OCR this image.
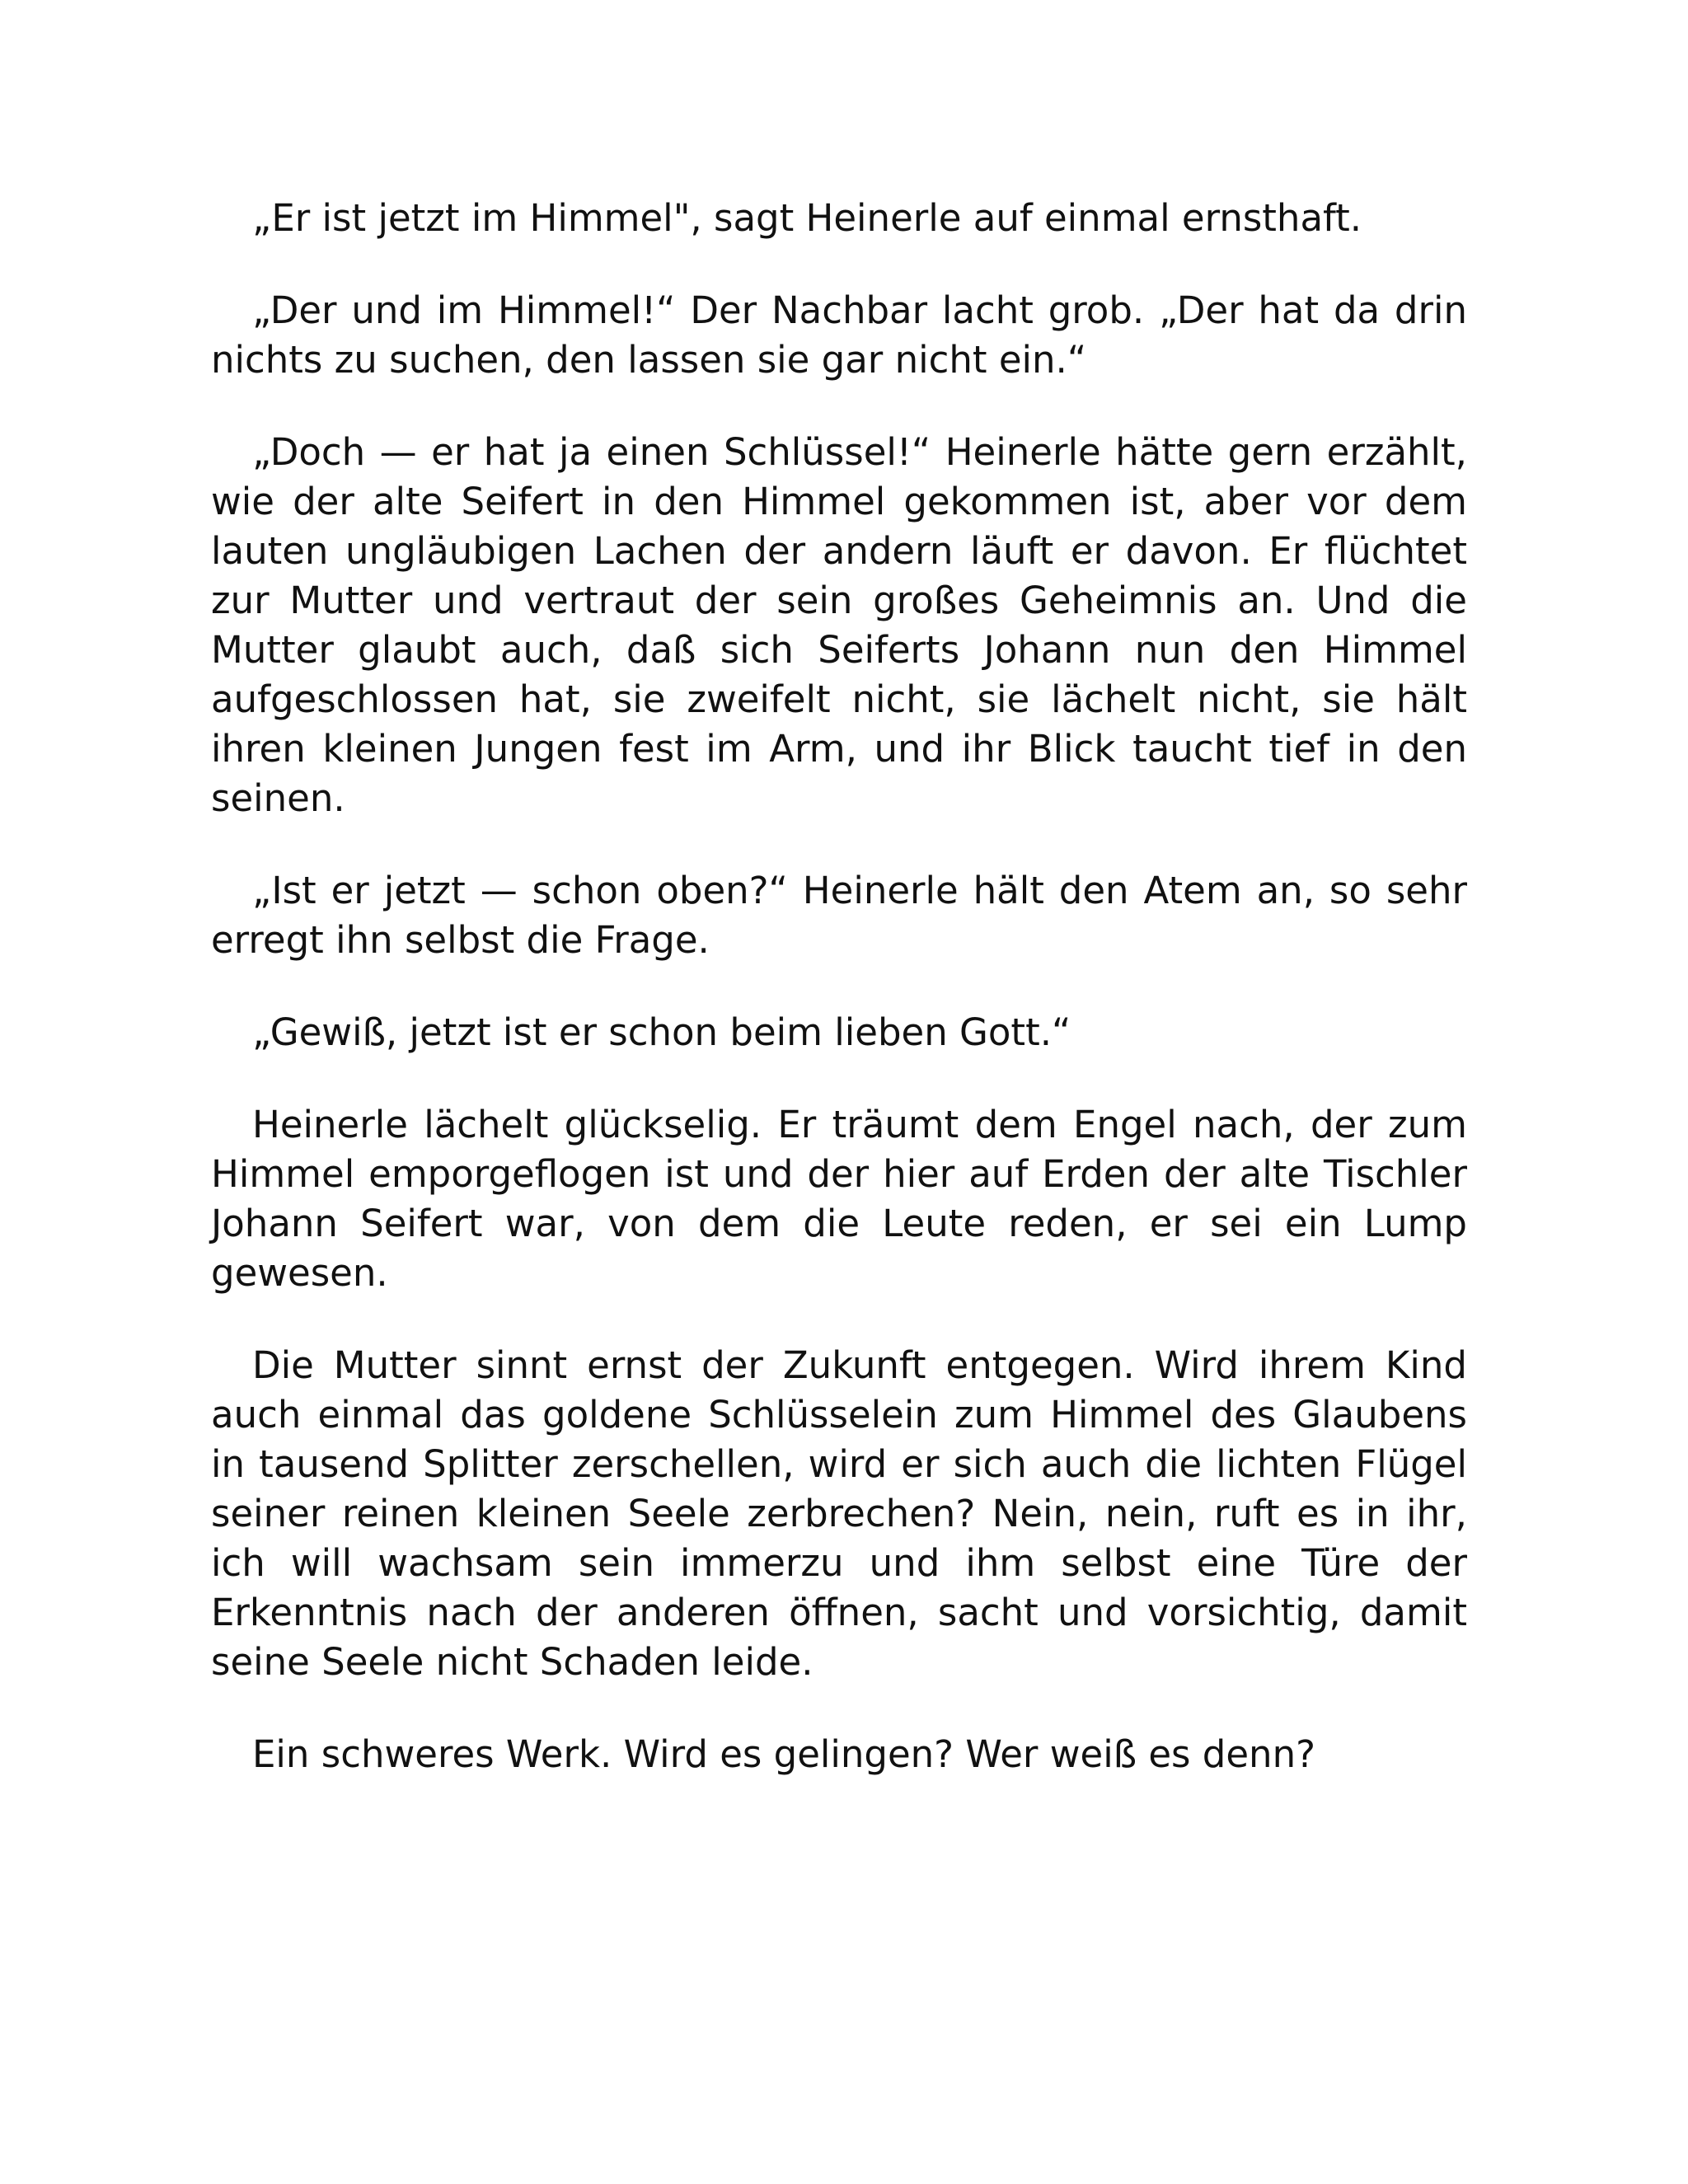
„Er ist jetzt im Himmel", sagt Heinerle auf einmal ernsthaft.

„Der und im Himmel!“ Der Nachbar lacht grob. „Der hat da drin nichts zu suchen, den lassen sie gar nicht ein.“

„Doch — er hat ja einen Schlüssel!“ Heinerle hätte gern erzählt, wie der alte Seifert in den Himmel gekommen ist, aber vor dem lauten ungläubigen Lachen der andern läuft er davon. Er flüchtet zur Mutter und vertraut der sein großes Geheimnis an. Und die Mutter glaubt auch, daß sich Seiferts Johann nun den Himmel aufgeschlossen hat, sie zweifelt nicht, sie lächelt nicht, sie hält ihren kleinen Jungen fest im Arm, und ihr Blick taucht tief in den seinen.

„Ist er jetzt — schon oben?“ Heinerle hält den Atem an, so sehr erregt ihn selbst die Frage.

„Gewiß, jetzt ist er schon beim lieben Gott.“

Heinerle lächelt glückselig. Er träumt dem Engel nach, der zum Himmel emporgeflogen ist und der hier auf Erden der alte Tischler Johann Seifert war, von dem die Leute reden, er sei ein Lump gewesen.

Die Mutter sinnt ernst der Zukunft entgegen. Wird ihrem Kind auch einmal das goldene Schlüsselein zum Himmel des Glaubens in tausend Splitter zerschellen, wird er sich auch die lichten Flügel seiner reinen kleinen Seele zerbrechen? Nein, nein, ruft es in ihr, ich will wachsam sein immerzu und ihm selbst eine Türe der Erkenntnis nach der anderen öffnen, sacht und vorsichtig, damit seine Seele nicht Schaden leide.

Ein schweres Werk. Wird es gelingen? Wer weiß es denn?
